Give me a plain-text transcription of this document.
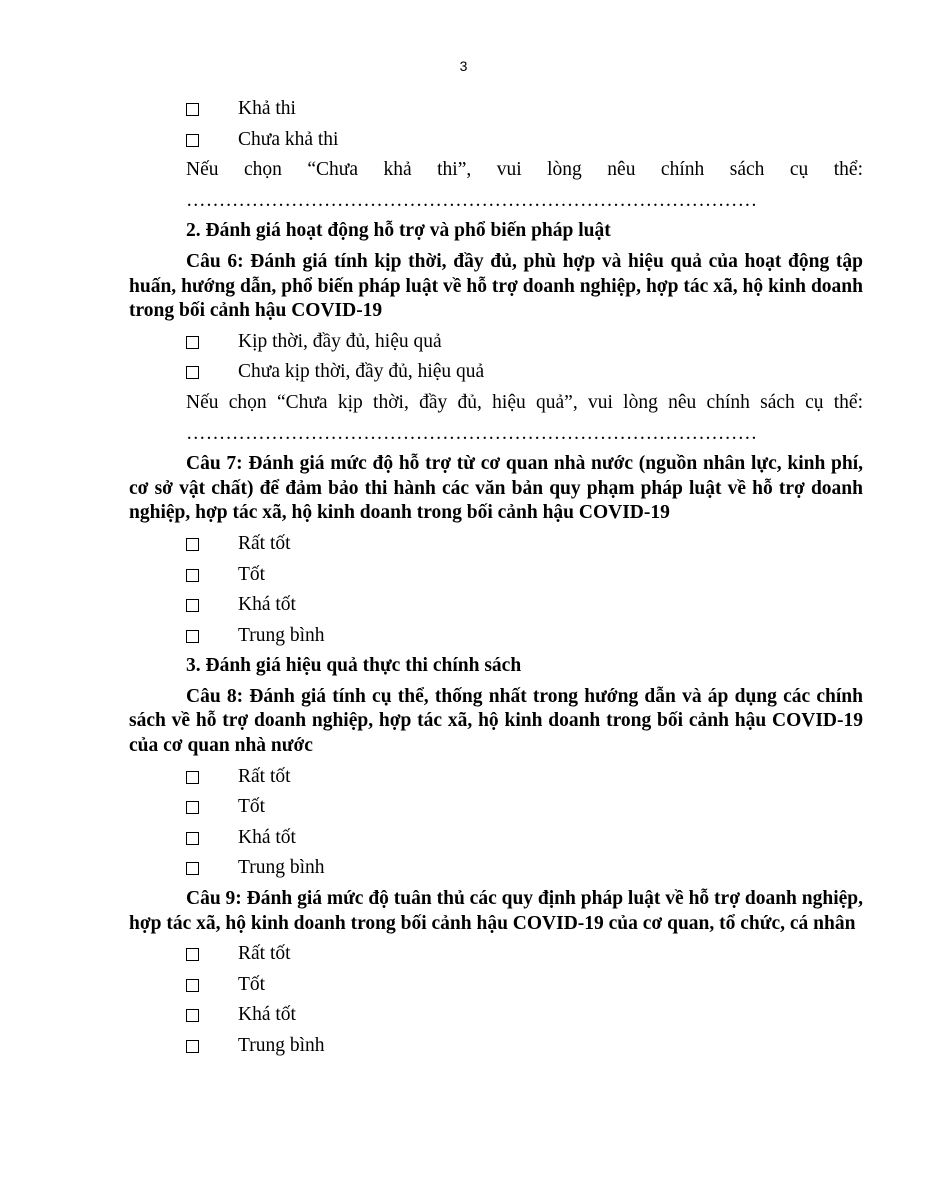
3
Khả thi
Chưa khả thi
Nếu chọn “Chưa khả thi”, vui lòng nêu chính sách cụ thể:
……………………………………………………………………………
2. Đánh giá hoạt động hỗ trợ và phổ biến pháp luật
Câu 6: Đánh giá tính kịp thời, đầy đủ, phù hợp và hiệu quả của hoạt động tập huấn, hướng dẫn, phổ biến pháp luật về hỗ trợ doanh nghiệp, hợp tác xã, hộ kinh doanh trong bối cảnh hậu COVID-19
Kịp thời, đầy đủ, hiệu quả
Chưa kịp thời, đầy đủ, hiệu quả
Nếu chọn “Chưa kịp thời, đầy đủ, hiệu quả”, vui lòng nêu chính sách cụ thể:
……………………………………………………………………………
Câu 7: Đánh giá mức độ hỗ trợ từ cơ quan nhà nước (nguồn nhân lực, kinh phí, cơ sở vật chất) để đảm bảo thi hành các văn bản quy phạm pháp luật về hỗ trợ doanh nghiệp, hợp tác xã, hộ kinh doanh trong bối cảnh hậu COVID-19
Rất tốt
Tốt
Khá tốt
Trung bình
3. Đánh giá hiệu quả thực thi chính sách
Câu 8: Đánh giá tính cụ thể, thống nhất trong hướng dẫn và áp dụng các chính sách về hỗ trợ doanh nghiệp, hợp tác xã, hộ kinh doanh trong bối cảnh hậu COVID-19 của cơ quan nhà nước
Rất tốt
Tốt
Khá tốt
Trung bình
Câu 9: Đánh giá mức độ tuân thủ các quy định pháp luật về hỗ trợ doanh nghiệp, hợp tác xã, hộ kinh doanh trong bối cảnh hậu COVID-19 của cơ quan, tổ chức, cá nhân
Rất tốt
Tốt
Khá tốt
Trung bình
